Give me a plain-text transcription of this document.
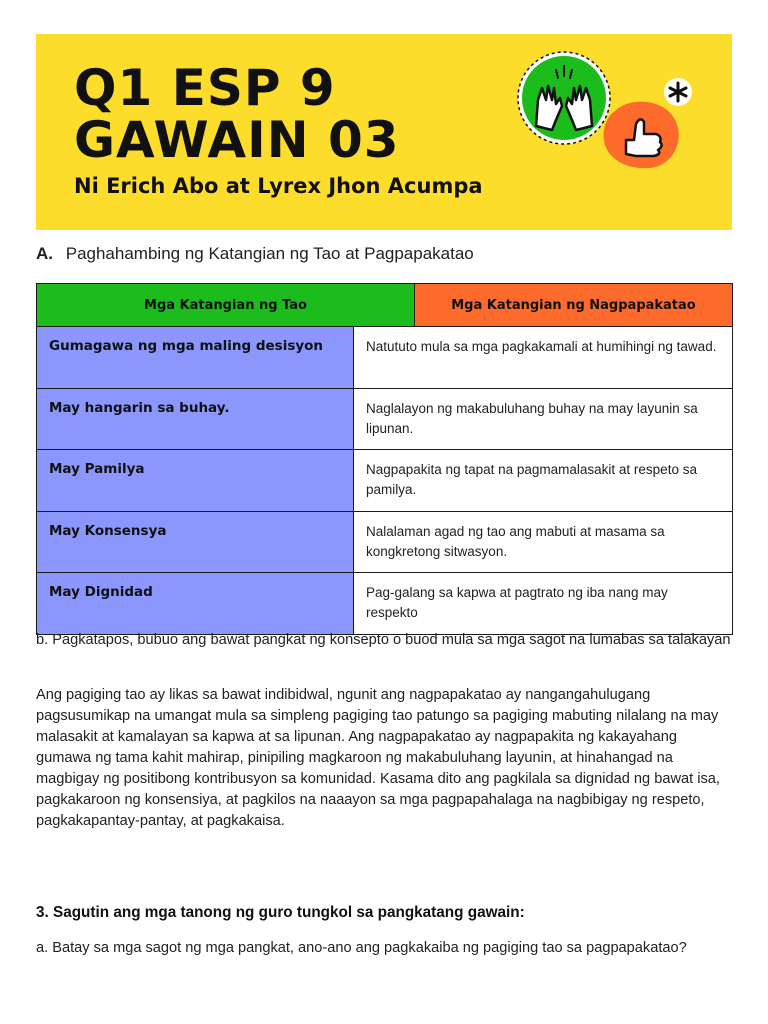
Q1 ESP 9
GAWAIN 03
Ni Erich Abo at Lyrex Jhon Acumpa
A. Paghahambing ng Katangian ng Tao at Pagpapakatao
Mga Katangian ng Tao		Mga Katangian ng Nagpapakatao
Gumagawa ng mga maling desisyon	Natututo mula sa mga pagkakamali at humihingi ng tawad.	
May hangarin sa buhay.	Naglalayon ng makabuluhang buhay na may layunin sa lipunan.	
May Pamilya	Nagpapakita ng tapat na pagmamalasakit at respeto sa pamilya.	
May Konsensya	Nalalaman agad ng tao ang mabuti at masama sa kongkretong sitwasyon.	
May Dignidad	Pag-galang sa kapwa at pagtrato ng iba nang may respekto	

b. Pagkatapos, bubuo ang bawat pangkat ng konsepto o buod mula sa mga sagot na lumabas sa talakayan

Ang pagiging tao ay likas sa bawat indibidwal, ngunit ang nagpapakatao ay nangangahulugang pagsusumikap na umangat mula sa simpleng pagiging tao patungo sa pagiging mabuting nilalang na may malasakit at kamalayan sa kapwa at sa lipunan. Ang nagpapakatao ay nagpapakita ng kakayahang gumawa ng tama kahit mahirap, pinipiling magkaroon ng makabuluhang layunin, at hinahangad na magbigay ng positibong kontribusyon sa komunidad. Kasama dito ang pagkilala sa dignidad ng bawat isa, pagkakaroon ng konsensiya, at pagkilos na naaayon sa mga pagpapahalaga na nagbibigay ng respeto, pagkakapantay-pantay, at pagkakaisa.

3. Sagutin ang mga tanong ng guro tungkol sa pangkatang gawain:

a. Batay sa mga sagot ng mga pangkat, ano-ano ang pagkakaiba ng pagiging tao sa pagpapakatao?
